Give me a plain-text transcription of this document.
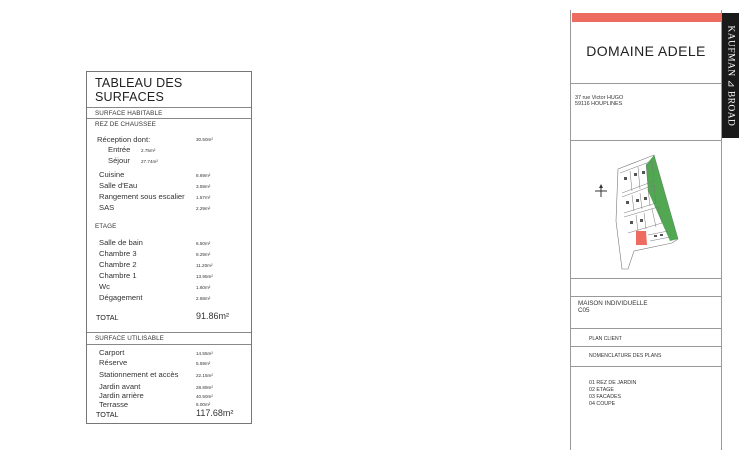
TABLEAU DES SURFACES
SURFACE HABITABLE
REZ DE CHAUSSEE
Réception dont:	30.50m²
Entrée 2.75m²
Séjour 27.74m²
Cuisine	8.69m²
Salle d'Eau	3.59m²
Rangement sous escalier 1.57m²
SAS	2.29m²
ETAGE
Salle de bain	6.50m²
Chambre 3	9.29m²
Chambre 2	11.20m²
Chambre 1	13.95m²
Wc	1.60m²
Dégagement	2.68m²
TOTAL	91.86m²
SURFACE UTILISABLE
Carport	14.55m²
Réserve	5.59m²
Stationnement et accès	22.15m²
Jardin avant	28.89m²
Jardin arrière	40.50m²
Terrasse	6.00m²
TOTAL	117.68m²
KAUFMAN ⊿ BROAD
DOMAINE ADELE
37 rue Victor HUGO
59116 HOUPLINES
MAISON INDIVIDUELLE
C05
PLAN CLIENT
NOMENCLATURE DES PLANS
01 REZ DE JARDIN
02 ETAGE
03 FACADES
04 COUPE
